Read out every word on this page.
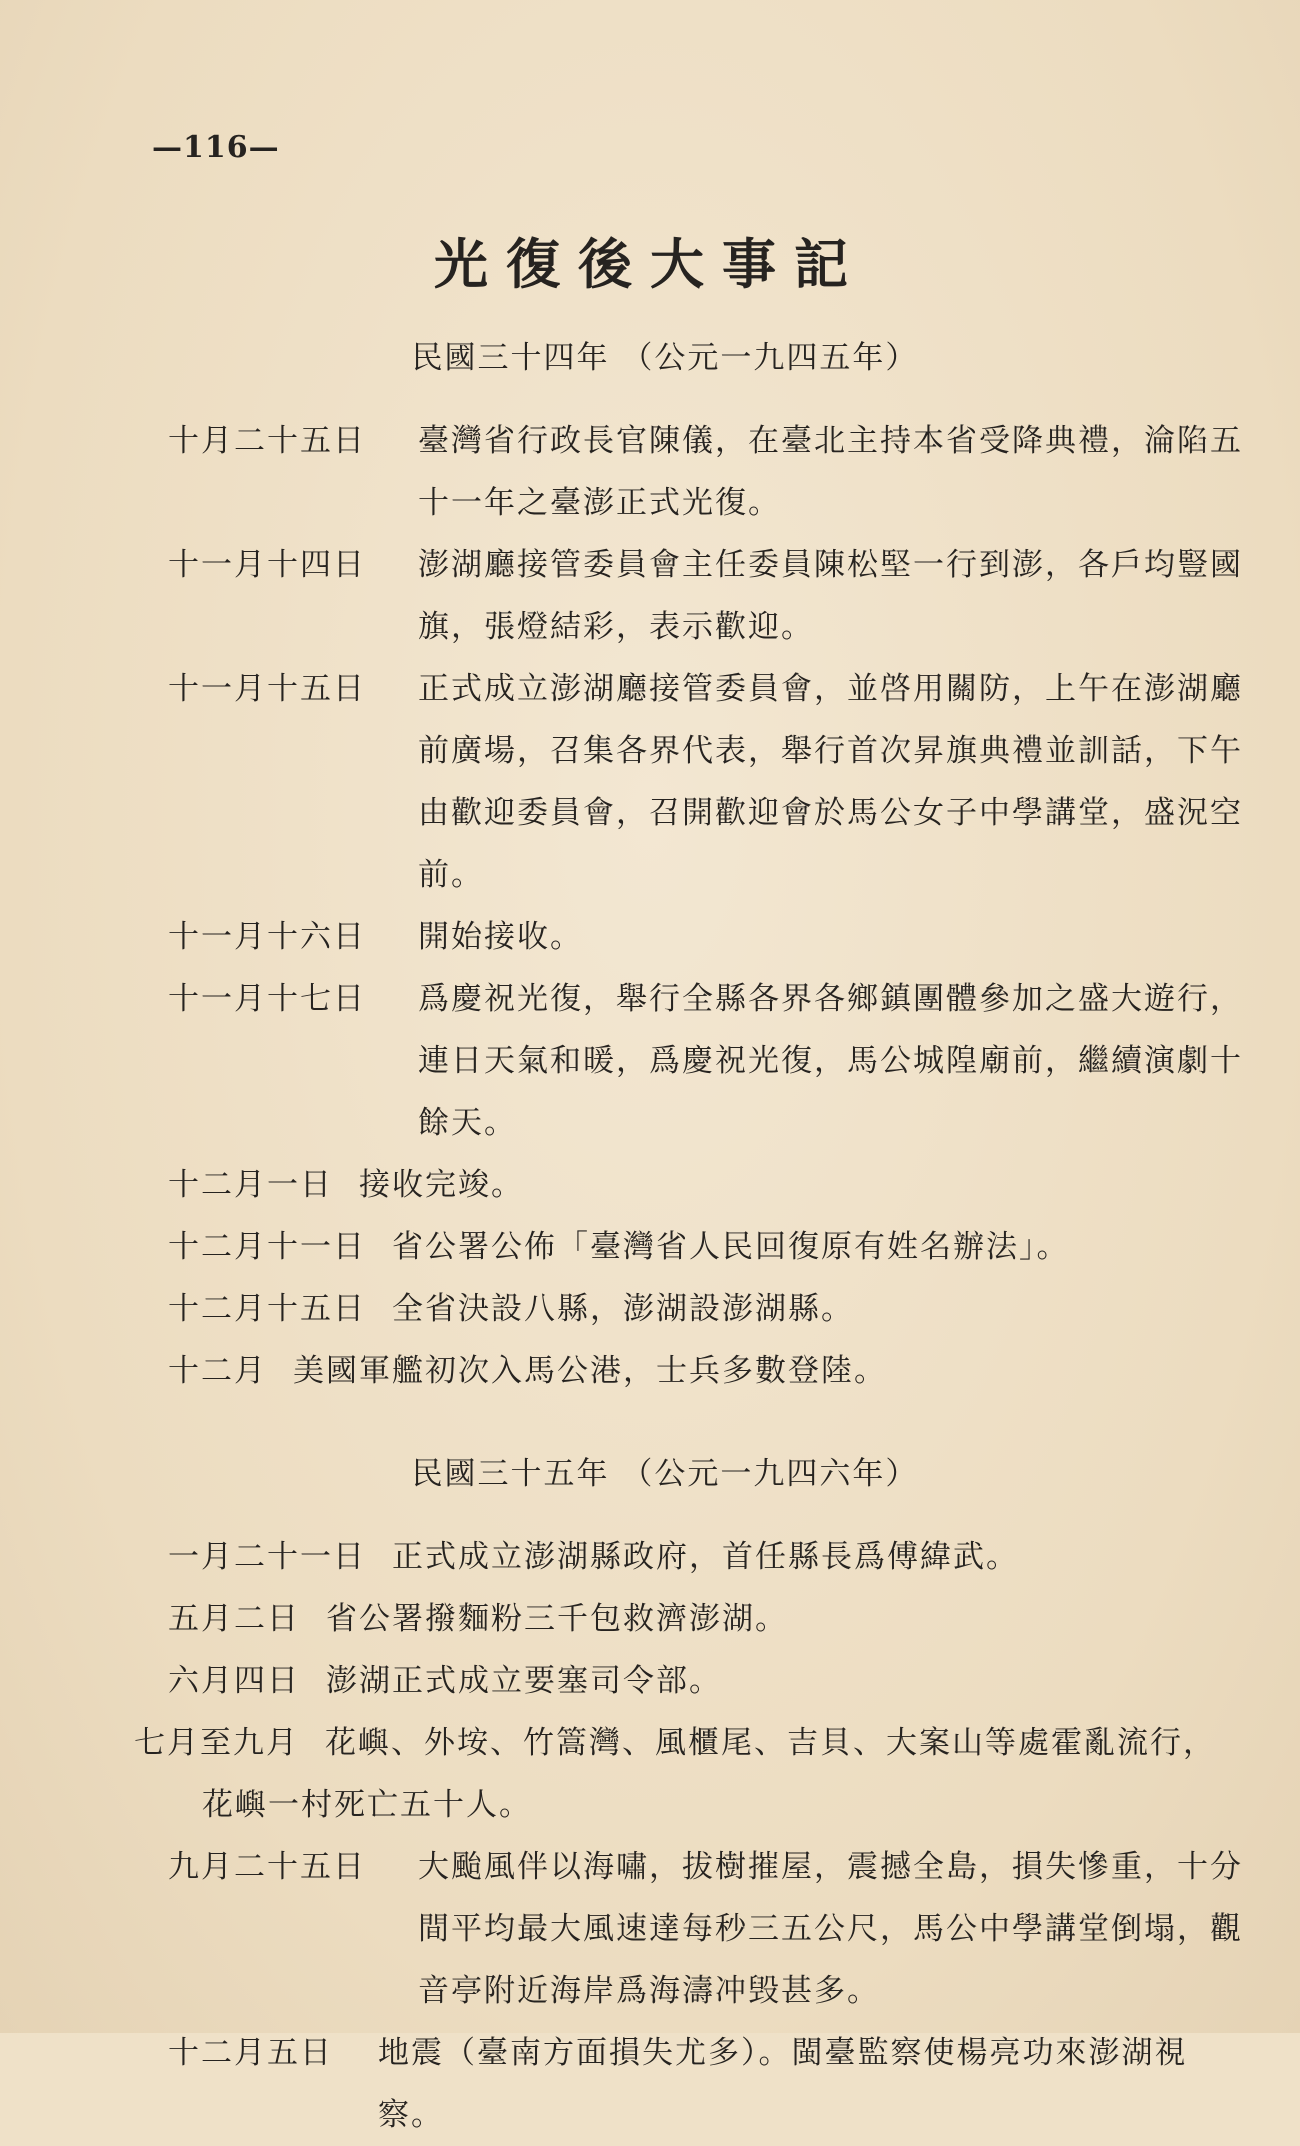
—116—
光復後大事記
民國三十四年 （公元一九四五年）
十月二十五日 臺灣省行政長官陳儀，在臺北主持本省受降典禮，淪陷五十一年之臺澎正式光復。
十一月十四日 澎湖廳接管委員會主任委員陳松堅一行到澎，各戶均豎國旗，張燈結彩，表示歡迎。
十一月十五日 正式成立澎湖廳接管委員會，並啓用關防，上午在澎湖廳前廣場，召集各界代表，舉行首次昇旗典禮並訓話，下午由歡迎委員會，召開歡迎會於馬公女子中學講堂，盛況空前。
十一月十六日 開始接收。
十一月十七日 爲慶祝光復，舉行全縣各界各鄉鎮團體參加之盛大遊行，連日天氣和暖，爲慶祝光復，馬公城隍廟前，繼續演劇十餘天。
十二月一日 接收完竣。
十二月十一日 省公署公佈「臺灣省人民回復原有姓名辦法」。
十二月十五日 全省決設八縣，澎湖設澎湖縣。
十二月 美國軍艦初次入馬公港，士兵多數登陸。
民國三十五年 （公元一九四六年）
一月二十一日 正式成立澎湖縣政府，首任縣長爲傅緯武。
五月二日 省公署撥麵粉三千包救濟澎湖。
六月四日 澎湖正式成立要塞司令部。
七月至九月 花嶼、外垵、竹篙灣、風櫃尾、吉貝、大案山等處霍亂流行，花嶼一村死亡五十人。
九月二十五日 大颱風伴以海嘯，拔樹摧屋，震撼全島，損失慘重，十分間平均最大風速達每秒三五公尺，馬公中學講堂倒塌，觀音亭附近海岸爲海濤冲毁甚多。
十二月五日 地震（臺南方面損失尤多）。閩臺監察使楊亮功來澎湖視察。
